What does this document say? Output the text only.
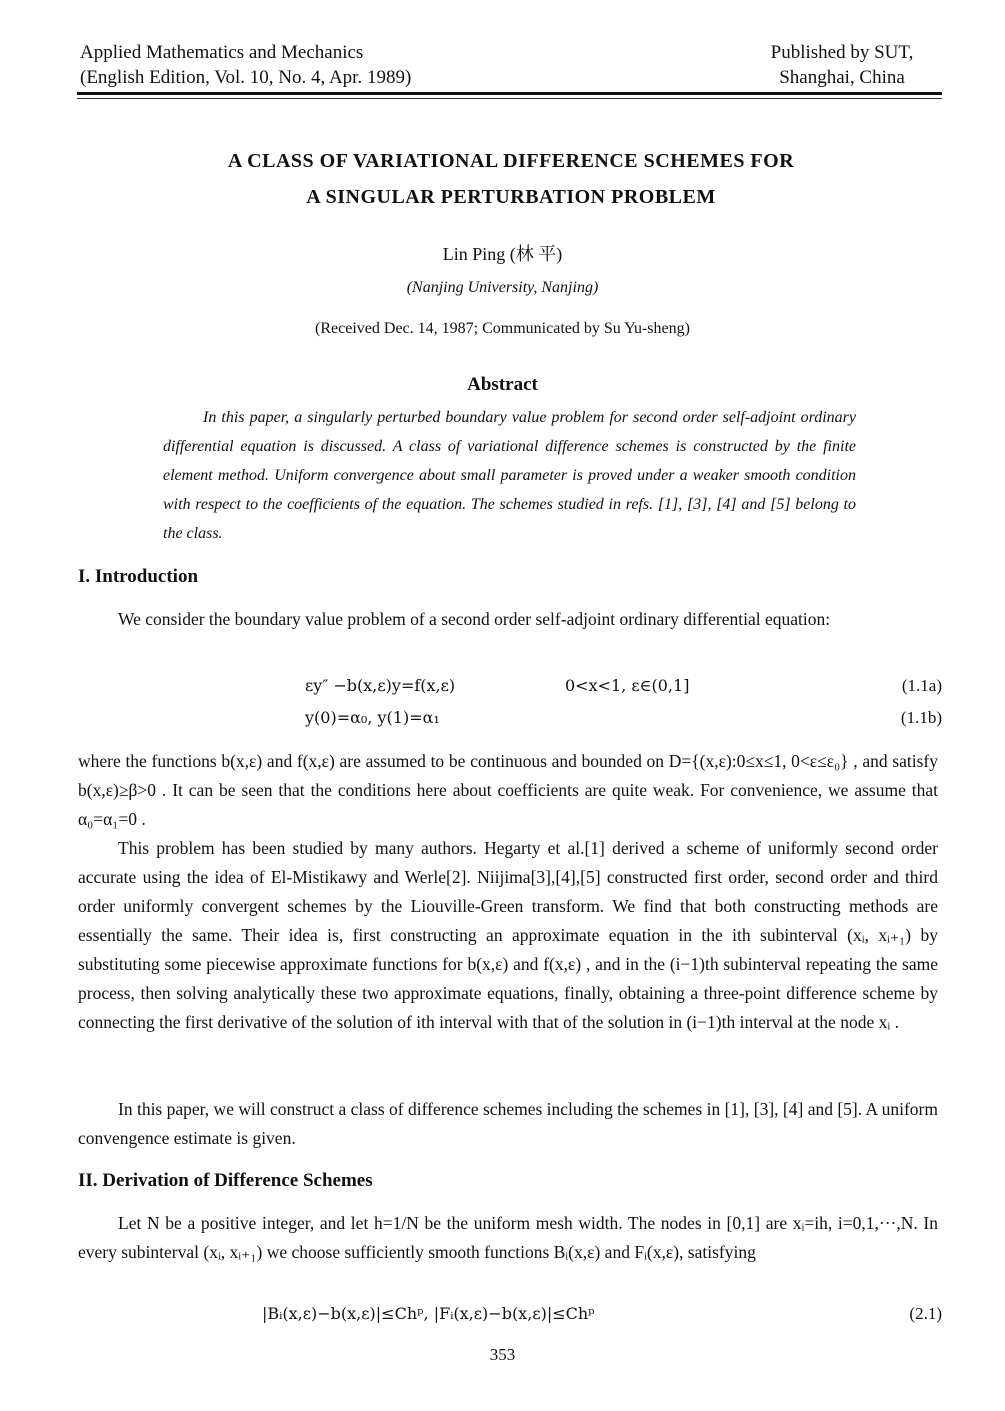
Applied Mathematics and Mechanics
(English Edition, Vol. 10, No. 4, Apr. 1989)
Published by SUT,
Shanghai, China
A CLASS OF VARIATIONAL DIFFERENCE SCHEMES FOR
A SINGULAR PERTURBATION PROBLEM
Lin Ping (林 平)
(Nanjing University, Nanjing)
(Received Dec. 14, 1987; Communicated by Su Yu-sheng)
Abstract
In this paper, a singularly perturbed boundary value problem for second order self-adjoint ordinary differential equation is discussed. A class of variational difference schemes is constructed by the finite element method. Uniform convergence about small parameter is proved under a weaker smooth condition with respect to the coefficients of the equation. The schemes studied in refs. [1], [3], [4] and [5] belong to the class.
I. Introduction
We consider the boundary value problem of a second order self-adjoint ordinary differential equation:
εy″ −b(x,ε)y=f(x,ε)	0<x<1, ε∈(0,1]	(1.1a)
y(0)=α₀, y(1)=α₁	(1.1b)
where the functions b(x,ε) and f(x,ε) are assumed to be continuous and bounded on D={(x,ε):0≤x≤1, 0<ε≤ε₀} , and satisfy b(x,ε)≥β>0 . It can be seen that the conditions here about coefficients are quite weak. For convenience, we assume that α₀=α₁=0 .
This problem has been studied by many authors. Hegarty et al.[1] derived a scheme of uniformly second order accurate using the idea of El-Mistikawy and Werle[2]. Niijima[3],[4],[5] constructed first order, second order and third order uniformly convergent schemes by the Liouville-Green transform. We find that both constructing methods are essentially the same. Their idea is, first constructing an approximate equation in the ith subinterval (xᵢ, xᵢ₊₁) by substituting some piecewise approximate functions for b(x,ε) and f(x,ε) , and in the (i−1)th subinterval repeating the same process, then solving analytically these two approximate equations, finally, obtaining a three-point difference scheme by connecting the first derivative of the solution of ith interval with that of the solution in (i−1)th interval at the node xᵢ .
In this paper, we will construct a class of difference schemes including the schemes in [1], [3], [4] and [5]. A uniform convengence estimate is given.
II. Derivation of Difference Schemes
Let N be a positive integer, and let h=1/N be the uniform mesh width. The nodes in [0,1] are xᵢ=ih, i=0,1,···,N. In every subinterval (xᵢ, xᵢ₊₁) we choose sufficiently smooth functions Bᵢ(x,ε) and Fᵢ(x,ε), satisfying
|Bᵢ(x,ε)−b(x,ε)|≤Chᵖ, |Fᵢ(x,ε)−b(x,ε)|≤Chᵖ	(2.1)
353
